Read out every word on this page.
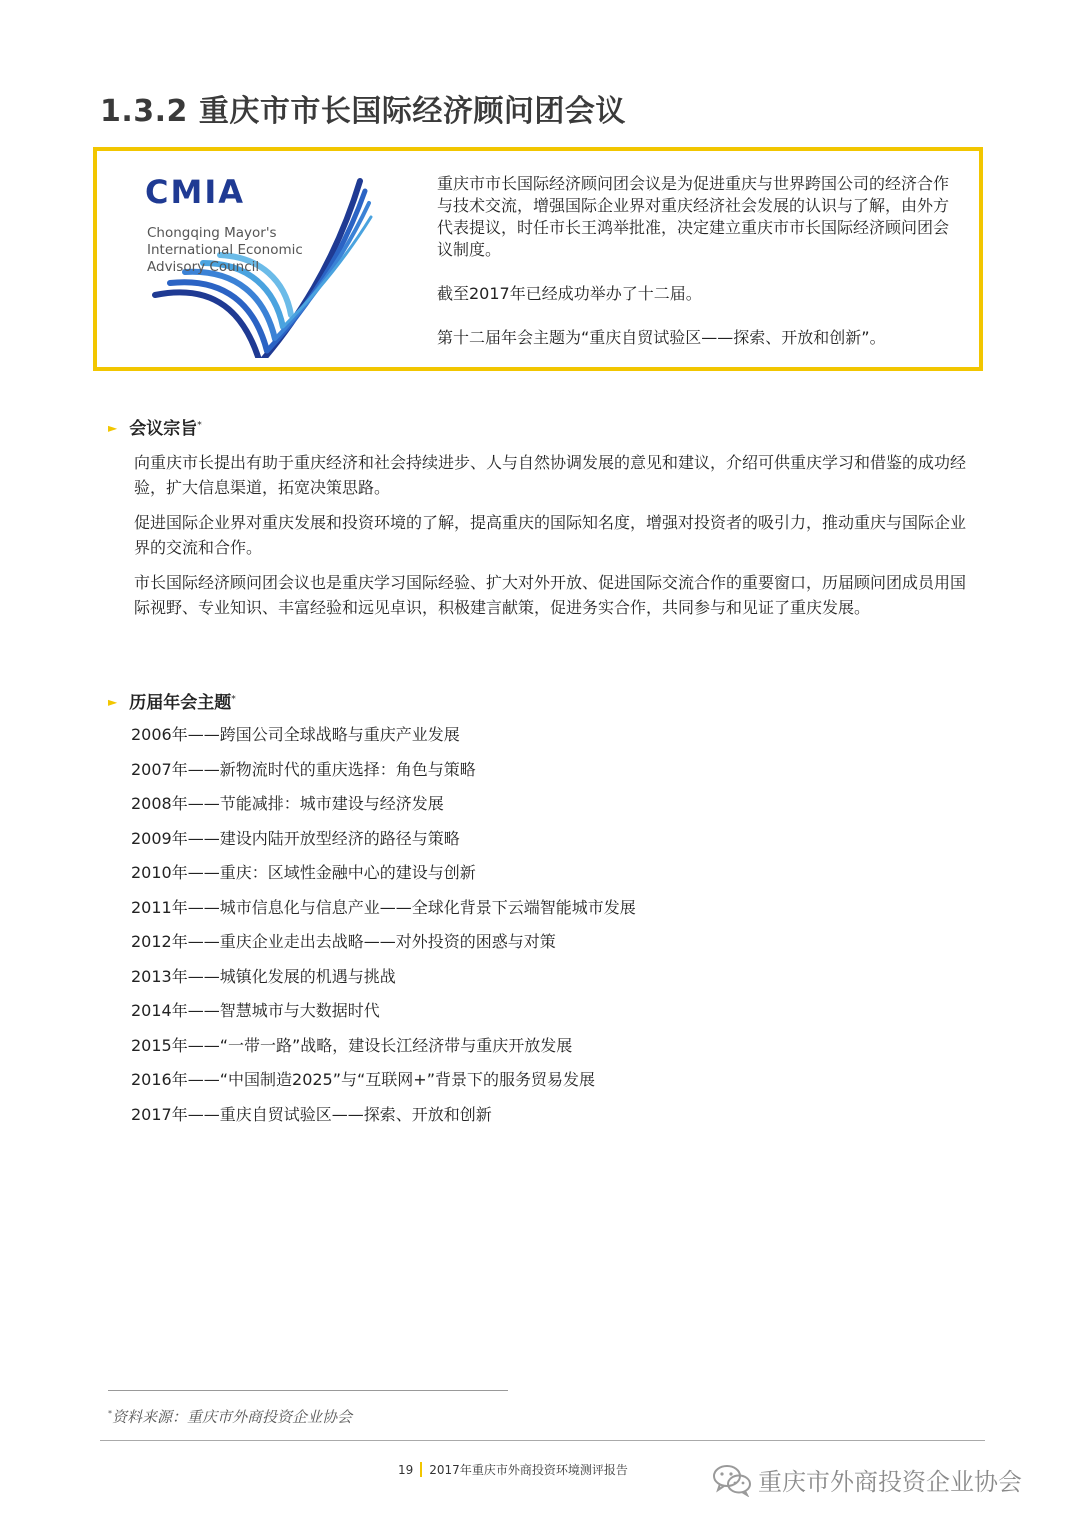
1.3.2 重庆市市长国际经济顾问团会议
CMIA
Chongqing Mayor's
International Economic
Advisory Council

重庆市市长国际经济顾问团会议是为促进重庆与世界跨国公司的经济合作与技术交流，增强国际企业界对重庆经济社会发展的认识与了解，由外方代表提议，时任市长王鸿举批准，决定建立重庆市市长国际经济顾问团会议制度。

截至2017年已经成功举办了十二届。

第十二届年会主题为“重庆自贸试验区——探索、开放和创新”。

► 会议宗旨*

向重庆市长提出有助于重庆经济和社会持续进步、人与自然协调发展的意见和建议，介绍可供重庆学习和借鉴的成功经验，扩大信息渠道，拓宽决策思路。

促进国际企业界对重庆发展和投资环境的了解，提高重庆的国际知名度，增强对投资者的吸引力，推动重庆与国际企业界的交流和合作。

市长国际经济顾问团会议也是重庆学习国际经验、扩大对外开放、促进国际交流合作的重要窗口，历届顾问团成员用国际视野、专业知识、丰富经验和远见卓识，积极建言献策，促进务实合作，共同参与和见证了重庆发展。

► 历届年会主题*
2006年——跨国公司全球战略与重庆产业发展
2007年——新物流时代的重庆选择：角色与策略
2008年——节能减排：城市建设与经济发展
2009年——建设内陆开放型经济的路径与策略
2010年——重庆：区域性金融中心的建设与创新
2011年——城市信息化与信息产业——全球化背景下云端智能城市发展
2012年——重庆企业走出去战略——对外投资的困惑与对策
2013年——城镇化发展的机遇与挑战
2014年——智慧城市与大数据时代
2015年——“一带一路”战略，建设长江经济带与重庆开放发展
2016年——“中国制造2025”与“互联网+”背景下的服务贸易发展
2017年——重庆自贸试验区——探索、开放和创新
*资料来源：重庆市外商投资企业协会
19 2017年重庆市外商投资环境测评报告	重庆市外商投资企业协会
